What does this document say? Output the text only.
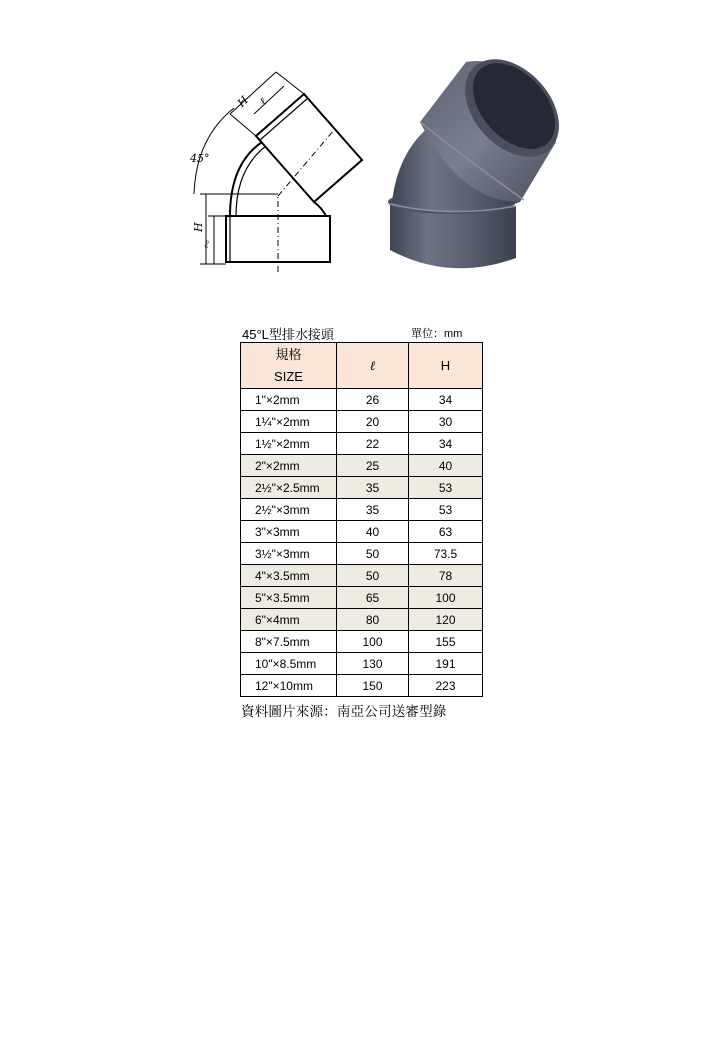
45°
H
ℓ
H ℓ
45°L型排水接頭	單位：mm
規格
SIZE	ℓ	H
1"×2mm	26	34
1¼"×2mm	20	30
1½"×2mm	22	34
2"×2mm	25	40
2½"×2.5mm	35	53
2½"×3mm	35	53
3"×3mm	40	63
3½"×3mm	50	73.5
4"×3.5mm	50	78
5"×3.5mm	65	100
6"×4mm	80	120
8"×7.5mm	100	155
10"×8.5mm	130	191
12"×10mm	150	223
資料圖片來源：南亞公司送審型錄
